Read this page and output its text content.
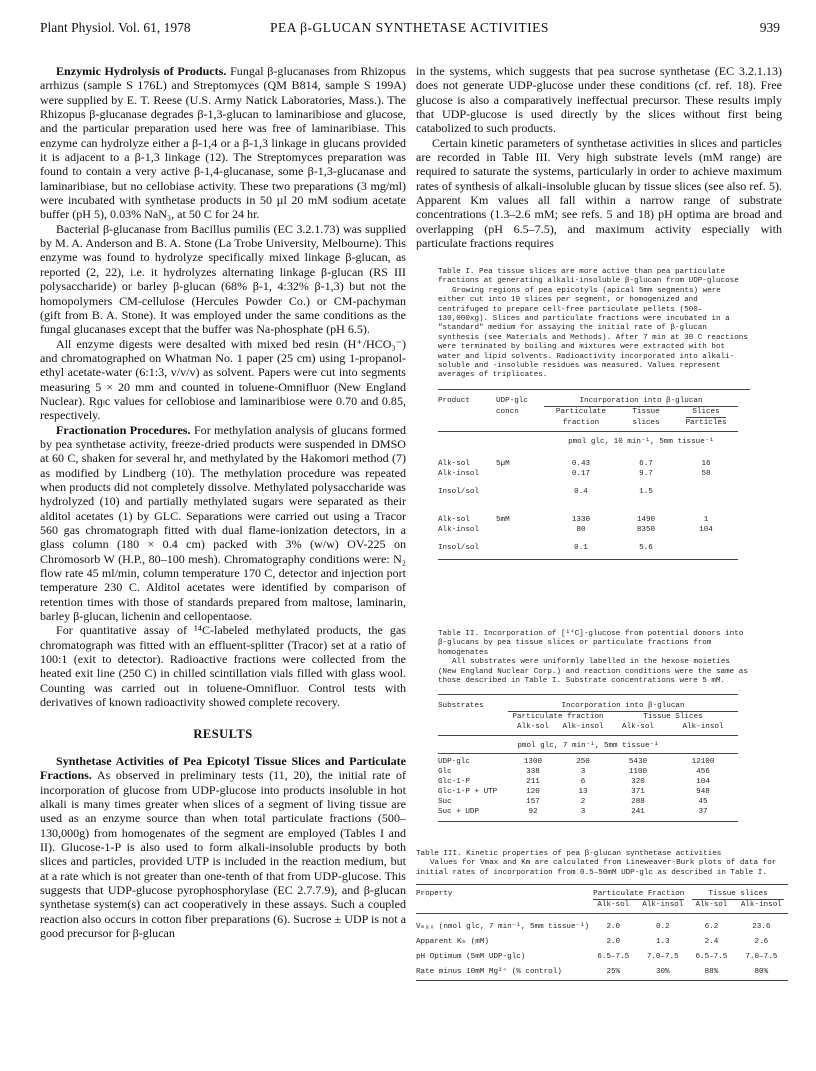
Plant Physiol. Vol. 61, 1978	PEA β-GLUCAN SYNTHETASE ACTIVITIES	939

Enzymic Hydrolysis of Products. Fungal β-glucanases from Rhizopus arrhizus (sample S 176L) and Streptomyces (QM B814, sample S 199A) were supplied by E. T. Reese (U.S. Army Natick Laboratories, Mass.). The Rhizopus β-glucanase degrades β-1,3-glucan to laminaribiose and glucose, and the particular preparation used here was free of laminaribiase. This enzyme can hydrolyze either a β-1,4 or a β-1,3 linkage in glucans provided it is adjacent to a β-1,3 linkage (12). The Streptomyces preparation was found to contain a very active β-1,4-glucanase, some β-1,3-glucanase and laminaribiase, but no cellobiase activity. These two preparations (3 mg/ml) were incubated with synthetase products in 50 µl 20 mM sodium acetate buffer (pH 5), 0.03% NaN₃, at 50 C for 24 hr.

Bacterial β-glucanase from Bacillus pumilis (EC 3.2.1.73) was supplied by M. A. Anderson and B. A. Stone (La Trobe University, Melbourne). This enzyme was found to hydrolyze specifically mixed linkage β-glucan, as reported (2, 22), i.e. it hydrolyzes alternating linkage β-glucan (RS III polysaccharide) or barley β-glucan (68% β-1, 4:32% β-1,3) but not the homopolymers CM-cellulose (Hercules Powder Co.) or CM-pachyman (gift from B. A. Stone). It was employed under the same conditions as the fungal glucanases except that the buffer was Na-phosphate (pH 6.5).

All enzyme digests were desalted with mixed bed resin (H⁺/HCO₃⁻) and chromatographed on Whatman No. 1 paper (25 cm) using 1-propanol-ethyl acetate-water (6:1:3, v/v/v) as solvent. Papers were cut into segments measuring 5 × 20 mm and counted in toluene-Omnifluor (New England Nuclear). Rɡₗc values for cellobiose and laminaribiose were 0.70 and 0.85, respectively.

Fractionation Procedures. For methylation analysis of glucans formed by pea synthetase activity, freeze-dried products were suspended in DMSO at 60 C, shaken for several hr, and methylated by the Hakomori method (7) as modified by Lindberg (10). The methylation procedure was repeated when products did not completely dissolve. Methylated polysaccharide was hydrolyzed (10) and partially methylated sugars were separated as their alditol acetates (1) by GLC. Separations were carried out using a Tracor 560 gas chromatograph fitted with dual flame-ionization detectors, in a glass column (180 × 0.4 cm) packed with 3% (w/w) OV-225 on Chromosorb W (H.P., 80–100 mesh). Chromatography conditions were: N₂ flow rate 45 ml/min, column temperature 170 C, detector and injection port temperature 230 C. Alditol acetates were identified by comparison of retention times with those of standards prepared from maltose, laminarin, barley β-glucan, lichenin and cellopentaose.

For quantitative assay of ¹⁴C-labeled methylated products, the gas chromatograph was fitted with an effluent-splitter (Tracor) set at a ratio of 100:1 (exit to detector). Radioactive fractions were collected from the heated exit line (250 C) in chilled scintillation vials filled with glass wool. Counting was carried out in toluene-Omnifluor. Control tests with derivatives of known radioactivity showed complete recovery.

RESULTS

Synthetase Activities of Pea Epicotyl Tissue Slices and Particulate Fractions. As observed in preliminary tests (11, 20), the initial rate of incorporation of glucose from UDP-glucose into products insoluble in hot alkali is many times greater when slices of a segment of living tissue are used as an enzyme source than when total particulate fractions (500–130,000g) from homogenates of the segment are employed (Tables I and II). Glucose-1-P is also used to form alkali-insoluble products by both slices and particles, provided UTP is included in the reaction medium, but at a rate which is not greater than one-tenth of that from UDP-glucose. This suggests that UDP-glucose pyrophosphorylase (EC 2.7.7.9), and β-glucan synthetase system(s) can act cooperatively in these assays. Such a coupled reaction also occurs in cotton fiber preparations (6). Sucrose ± UDP is not a good precursor for β-glucan

in the systems, which suggests that pea sucrose synthetase (EC 3.2.1.13) does not generate UDP-glucose under these conditions (cf. ref. 18). Free glucose is also a comparatively ineffectual precursor. These results imply that UDP-glucose is used directly by the slices without first being catabolized to such products.

Certain kinetic parameters of synthetase activities in slices and particles are recorded in Table III. Very high substrate levels (mM range) are required to saturate the systems, particularly in order to achieve maximum rates of synthesis of alkali-insoluble glucan by tissue slices (see also ref. 5). Apparent Km values all fall within a narrow range of substrate concentrations (1.3–2.6 mM; see refs. 5 and 18) pH optima are broad and overlapping (pH 6.5–7.5), and maximum activity especially with particulate fractions requires

Table I. Pea tissue slices are more active than pea particulate fractions at generating alkali-insoluble β-glucan from UDP-glucose

Growing regions of pea epicotyls (apical 5mm segments) were either cut into 10 slices per segment, or homogenized and centrifuged to prepare cell-free particulate pellets (500–130,000xg). Slices and particulate fractions were incubated in a "standard" medium for assaying the initial rate of β-glucan synthesis (see Materials and Methods). After 7 min at 30 C reactions were terminated by boiling and mixtures were extracted with hot water and lipid solvents. Radioactivity incorporated into alkali-soluble and -insoluble residues was measured. Values represent averages of triplicates.

Product	UDP-glc	Incorporation into β-glucan		

	concn	Particulate	Tissue	Slices

		fraction	slices	Particles

		pmol glc, 10 min⁻¹, 5mm tissue⁻¹		

Alk-sol	5µM	0.43	6.7	16
Alk-insol		0.17	9.7	58

Insol/sol		0.4	1.5	

Alk-sol	5mM	1330	1490	1
Alk-insol		80	8350	104

Insol/sol		0.1	5.6	

Table II. Incorporation of [¹⁴C]-glucose from potential donors into β-glucans by pea tissue slices or particulate fractions from homogenates

All substrates were uniformly labelled in the hexose moieties (New England Nuclear Corp.) and reaction conditions were the same as those described in Table I. Substrate concentrations were 5 mM.

Substrates	Incorporation into β-glucan			

	Particulate fraction		Tissue Slices	
	Alk-sol	Alk-insol	Alk-sol	Alk-insol

pmol glc, 7 min⁻¹, 5mm tissue⁻¹				

UDP-glc	1300	250	5430	12100
Glc	338	3	1100	456
Glc-1-P	211	6	320	104
Glc-1-P + UTP	120	13	371	948
Suc	157	2	288	45
Suc + UDP	92	3	241	37

Table III. Kinetic properties of pea β-glucan synthetase activities

Values for Vmax and Km are calculated from Lineweaver-Burk plots of data for initial rates of incorporation from 0.5–50mM UDP-glc as described in Table I.

Property	Particulate Fraction		Tissue slices	

	Alk-sol	Alk-insol	Alk-sol	Alk-insol

Vₘₐₓ (nmol glc, 7 min⁻¹, 5mm tissue⁻¹)	2.0	0.2	6.2	23.6

Apparent Kₘ (mM)	2.0	1.3	2.4	2.6

pH Optimum (5mM UDP-glc)	6.5–7.5	7.0–7.5	6.5–7.5	7.0–7.5

Rate minus 10mM Mg²⁺ (% control)	25%	30%	88%	80%
